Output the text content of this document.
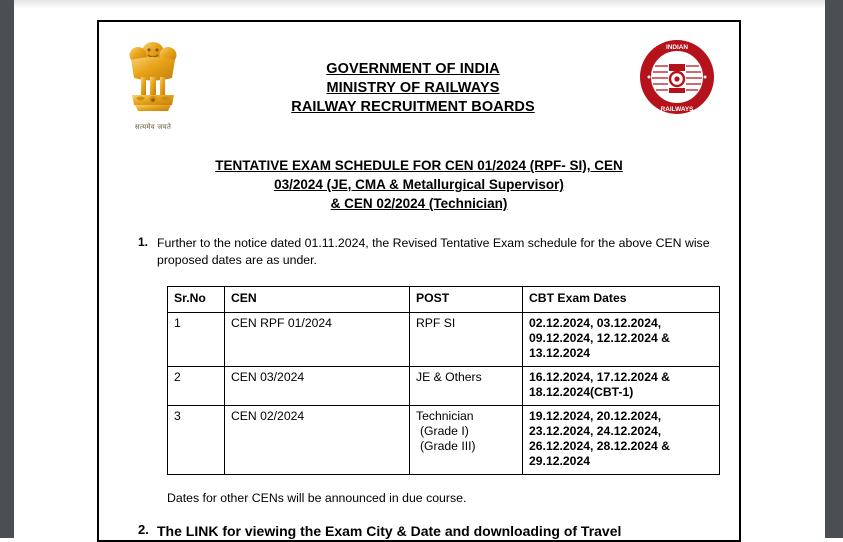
सत्यमेव जयते
GOVERNMENT OF INDIA
MINISTRY OF RAILWAYS
RAILWAY RECRUITMENT BOARDS
INDIAN
RAILWAYS
TENTATIVE EXAM SCHEDULE FOR CEN 01/2024 (RPF- SI), CEN
03/2024 (JE, CMA & Metallurgical Supervisor)
& CEN 02/2024 (Technician)
1. Further to the notice dated 01.11.2024, the Revised Tentative Exam schedule for the above CEN wise proposed dates are as under.
Sr.No	CEN	POST	CBT Exam Dates
1	CEN RPF 01/2024	RPF SI	02.12.2024, 03.12.2024, 09.12.2024, 12.12.2024 & 13.12.2024
2	CEN 03/2024	JE & Others	16.12.2024, 17.12.2024 & 18.12.2024(CBT-1)
3	CEN 02/2024	Technician
(Grade I)
(Grade III)	19.12.2024, 20.12.2024, 23.12.2024, 24.12.2024, 26.12.2024, 28.12.2024 & 29.12.2024
Dates for other CENs will be announced in due course.
2. The LINK for viewing the Exam City & Date and downloading of Travel
